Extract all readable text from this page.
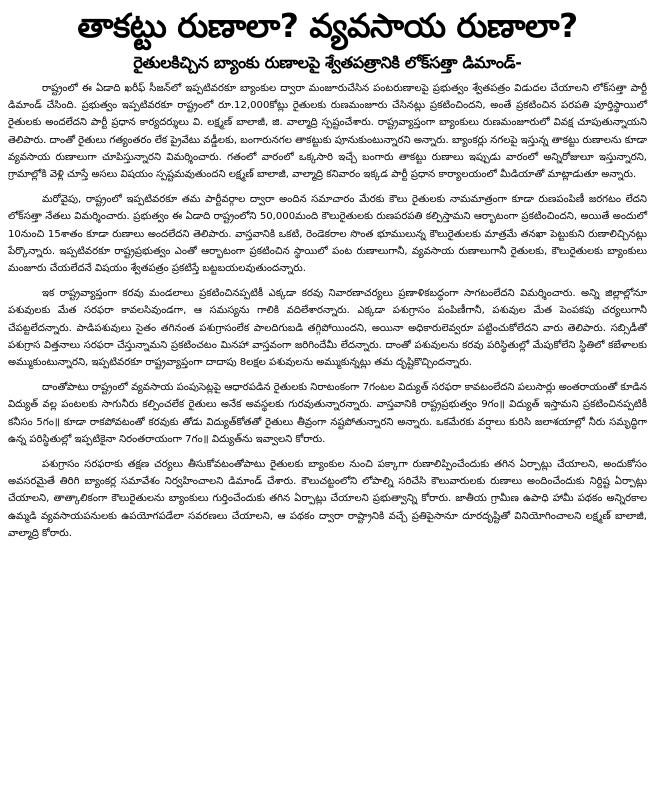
తాకట్టు రుణాలా? వ్యవసాయ రుణాలా?
రైతులకిచ్చిన బ్యాంకు రుణాలపై శ్వేతపత్రానికి లోక్‌సత్తా డిమాండ్-

రాష్ట్రంలో ఈ ఏడాది ఖరీఫ్ సీజన్‌లో ఇప్పటివరకూ బ్యాంకుల ద్వారా మంజూరుచేసిన పంటరుణాలపై ప్రభుత్వం శ్వేతపత్రం విడుదల చేయాలని లోక్‌సత్తా పార్టీ డిమాండ్ చేసింది. ప్రభుత్వం ఇప్పటివరకూ రాష్ట్రంలో రూ.12,000కోట్లు రైతులకు రుణమంజూరు చేసినట్లు ప్రకటించిందని, అంతే ప్రకటించిన పరపతి పూర్తిస్థాయిలో రైతులకు అందలేదని పార్టీ ప్రధాన కార్యదర్శులు వి. లక్ష్మణ్ బాలాజీ, జి. వాల్మాద్రి స్పష్టంచేశారు. రాష్ట్రవ్యాప్తంగా బ్యాంకులు రుణమంజూరులో వివక్ష చూపుతున్నాయని తెలిపారు. దాంతో రైతులు గత్యంతరం లేక ప్రైవేటు వడ్డీలకు, బంగారునగల తాకట్టుకు పూనుకుంటున్నారని అన్నారు. బ్యాంకర్లు నగలపై ఇస్తున్న తాకట్టు రుణాలను కూడా వ్యవసాయ రుణాలుగా చూపిస్తున్నారని విమర్శించారు. గతంలో వారంలో ఒక్కసారి ఇచ్చే బంగారు తాకట్టు రుణాలు ఇప్పుడు వారంలో అన్నిరోజులూ ఇస్తున్నారని, గ్రామాల్లోకి వెళ్లి చూస్తే అసలు విషయం స్పష్టమవుతుందని లక్ష్మణ్ బాలాజీ, వాల్మాద్రి కనివారం ఇక్కడ పార్టీ ప్రధాన కార్యాలయంలో మీడియాతో మాట్లాడుతూ అన్నారు.

మరోవైపు, రాష్ట్రంలో ఇప్పటివరకూ తమ పార్టీవర్గాల ద్వారా అందిన సమాచారం మేరకు కౌలు రైతులకు నామమాత్రంగా కూడా రుణపంపిణీ జరగటం లేదని లోక్‌సత్తా నేతలు విమర్శించారు. ప్రభుత్వం ఈ ఏడాది రాష్ట్రంలోని 50,000మంది కౌలురైతులకు రుణపరపతి కల్పిస్తామని ఆర్భాటంగా ప్రకటించిందని, అయితే అందులో 10నుంచి 15శాతం కూడా రుణాలు అందలేదని తెలిపారు. వాస్తవానికి ఒకటి, రెండెకరాల సొంత భూములున్న కౌలురైతులకు మాత్రమే తనఖా పెట్టుకుని రుణాలిచ్చినట్లు పేర్కొన్నారు. ఇప్పటివరకూ రాష్ట్రప్రభుత్వం ఎంతో ఆర్భాటంగా ప్రకటించిన స్థాయిలో పంట రుణాలుగానీ, వ్యవసాయ రుణాలుగానీ రైతులకు, కౌలురైతులకు బ్యాంకులు మంజూరు చేయలేదనే విషయం శ్వేతపత్రం ప్రకటిస్తే బట్టబయలవుతుందన్నారు.

ఇక రాష్ట్రవ్యాప్తంగా కరవు మండలాలు ప్రకటించినప్పటికీ ఎక్కడా కరవు నివారణాచర్యలు ప్రణాళికబద్ధంగా సాగటంలేదని విమర్శించారు. అన్ని జిల్లాల్లోనూ పశువులకు మేత సరఫరా కావలసివుండగా, ఆ సమస్యను గాలికి వదిలేశారన్నారు. ఎక్కడా పశుగ్రాసం పంపిణీగానీ, పశువుల మేత పెంపకపు చర్యలుగానీ చేపట్టలేదన్నారు. పాడిపశువులు సైతం తగినంత పశుగ్రాసంలేక పాలదిగుబడి తగ్గిపోయిందని, అయినా అధికారులెవ్వరూ పట్టించుకోలేదని వారు తెలిపారు. సబ్సిడీతో పశుగ్రాస విత్తనాలు సరఫరా చేస్తున్నామని ప్రకటించటం మినహా వాస్తవంగా జరిగిందేమీ లేదన్నారు. దాంతో పశువులను కరవు పరిస్థితుల్లో మేపుకోలేని స్థితిలో కబేళాలకు అమ్ముకుంటున్నారని, ఇప్పటివరకూ రాష్ట్రవ్యాప్తంగా దాదాపు 8లక్షల పశువులను అమ్ముకున్నట్లు తమ దృష్టికొచ్చిందన్నారు.

దాంతోపాటు రాష్ట్రంలో వ్యవసాయ పంపుసెట్లపై ఆధారపడిన రైతులకు నిరాటంకంగా 7గంటల విద్యుత్ సరఫరా కావటంలేదని పలుసార్లు అంతరాయంతో కూడిన విద్యుత్ వల్ల పంటలకు సాగునీరు కల్పించలేక రైతులు అనేక అవస్థలకు గురవుతున్నారన్నారు. వాస్తవానికి రాష్ట్రప్రభుత్వం 9గం॥ విద్యుత్ ఇస్తామని ప్రకటించినప్పటికీ కనీసం 5గం॥ కూడా రాకపోవటంతో కరవుకు తోడు విద్యుత్‌కోతతో రైతులు తీవ్రంగా నష్టపోతున్నారని అన్నారు. ఒకమేరకు వర్షాలు కురిసి జలాశయాల్లో నీరు సమృద్ధిగా ఉన్న పరిస్థితుల్లో ఇప్పటికైనా నిరంతరాయంగా 7గం॥ విద్యుత్‌ను ఇవ్వాలని కోరారు.

పశుగ్రాసం సరఫరాకు తక్షణ చర్యలు తీసుకోవటంతోపాటు రైతులకు బ్యాంకుల నుంచి పక్కాగా రుణాలిప్పించేందుకు తగిన ఏర్పాట్లు చేయాలని, అందుకోసం అవసరమైతే తిరిగి బ్యాంకర్ల సమావేశం నిర్వహించాలని డిమాండ్ చేశారు. కౌలుచట్టంలోని లోపాల్ని సరిచేసి కౌలువారులకు రుణాలు అందించేందుకు నిర్దిష్ట ఏర్పాట్లు చేయాలని, తాత్కాలికంగా కౌలురైతులను బ్యాంకులు గుర్తించేందుకు తగిన ఏర్పాట్లు చేయాలని ప్రభుత్వాన్ని కోరారు. జాతీయ గ్రామీణ ఉపాధి హామీ పథకం అన్నిరకాల ఉమ్మడి వ్యవసాయపనులకు ఉపయోగపడేలా సవరణలు చేయాలని, ఆ పథకం ద్వారా రాష్ట్రానికి వచ్చే ప్రతిపైసానూ దూరదృష్టితో వినియోగించాలని లక్ష్మణ్ బాలాజీ, వాల్మాద్రి కోరారు.
